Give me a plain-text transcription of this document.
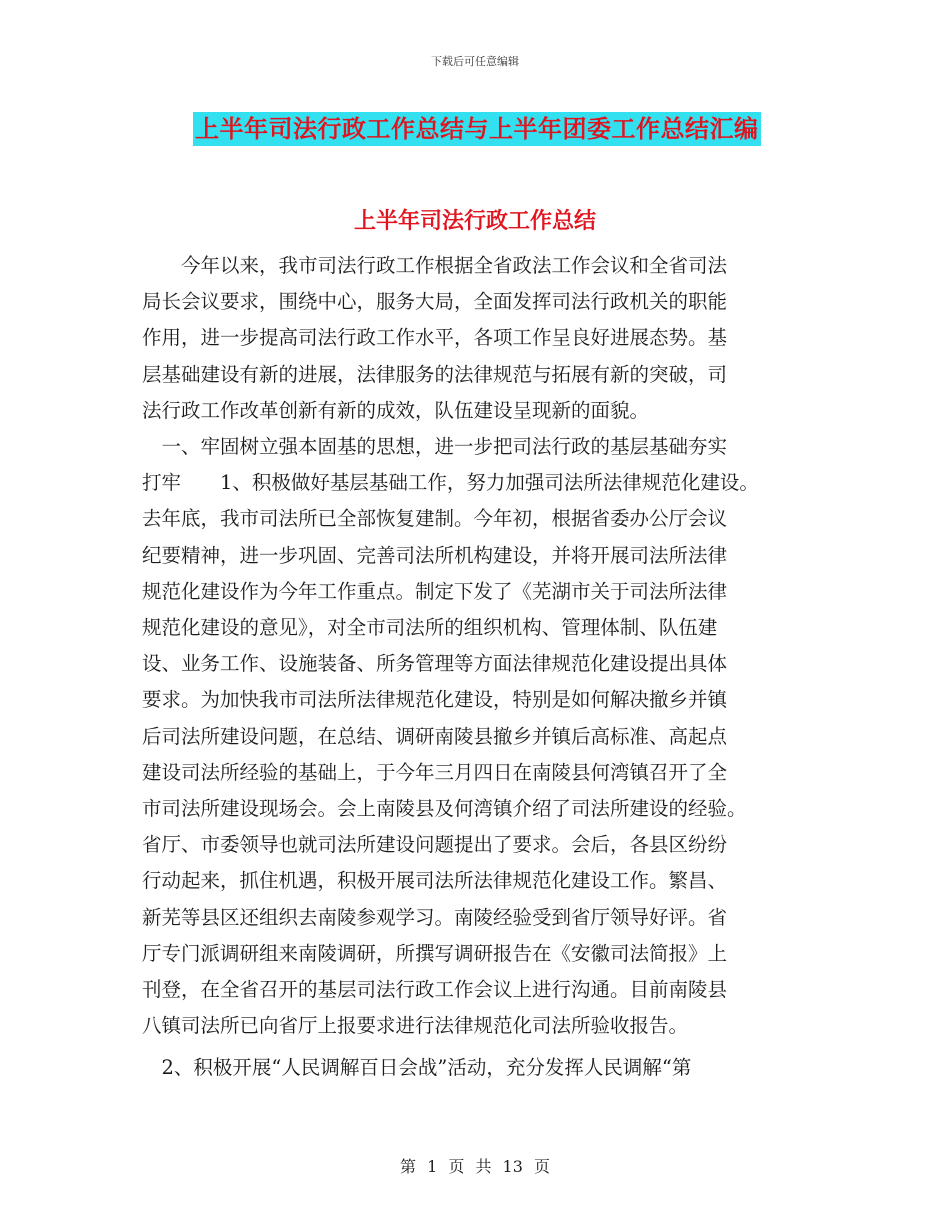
下载后可任意编辑
上半年司法行政工作总结与上半年团委工作总结汇编
上半年司法行政工作总结

　　今年以来，我市司法行政工作根据全省政法工作会议和全省司法

局长会议要求，围绕中心，服务大局，全面发挥司法行政机关的职能

作用，进一步提高司法行政工作水平，各项工作呈良好进展态势。基

层基础建设有新的进展，法律服务的法律规范与拓展有新的突破，司

法行政工作改革创新有新的成效，队伍建设呈现新的面貌。

　一、牢固树立强本固基的思想，进一步把司法行政的基层基础夯实

打牢　　1、积极做好基层基础工作，努力加强司法所法律规范化建设。

去年底，我市司法所已全部恢复建制。今年初，根据省委办公厅会议

纪要精神，进一步巩固、完善司法所机构建设，并将开展司法所法律

规范化建设作为今年工作重点。制定下发了《芜湖市关于司法所法律

规范化建设的意见》，对全市司法所的组织机构、管理体制、队伍建

设、业务工作、设施装备、所务管理等方面法律规范化建设提出具体

要求。为加快我市司法所法律规范化建设，特别是如何解决撤乡并镇

后司法所建设问题，在总结、调研南陵县撤乡并镇后高标准、高起点

建设司法所经验的基础上，于今年三月四日在南陵县何湾镇召开了全

市司法所建设现场会。会上南陵县及何湾镇介绍了司法所建设的经验。

省厅、市委领导也就司法所建设问题提出了要求。会后，各县区纷纷

行动起来，抓住机遇，积极开展司法所法律规范化建设工作。繁昌、

新芜等县区还组织去南陵参观学习。南陵经验受到省厅领导好评。省

厅专门派调研组来南陵调研，所撰写调研报告在《安徽司法简报》上

刊登，在全省召开的基层司法行政工作会议上进行沟通。目前南陵县

八镇司法所已向省厅上报要求进行法律规范化司法所验收报告。

　2、积极开展“人民调解百日会战”活动，充分发挥人民调解“第

第 1 页 共 13 页
